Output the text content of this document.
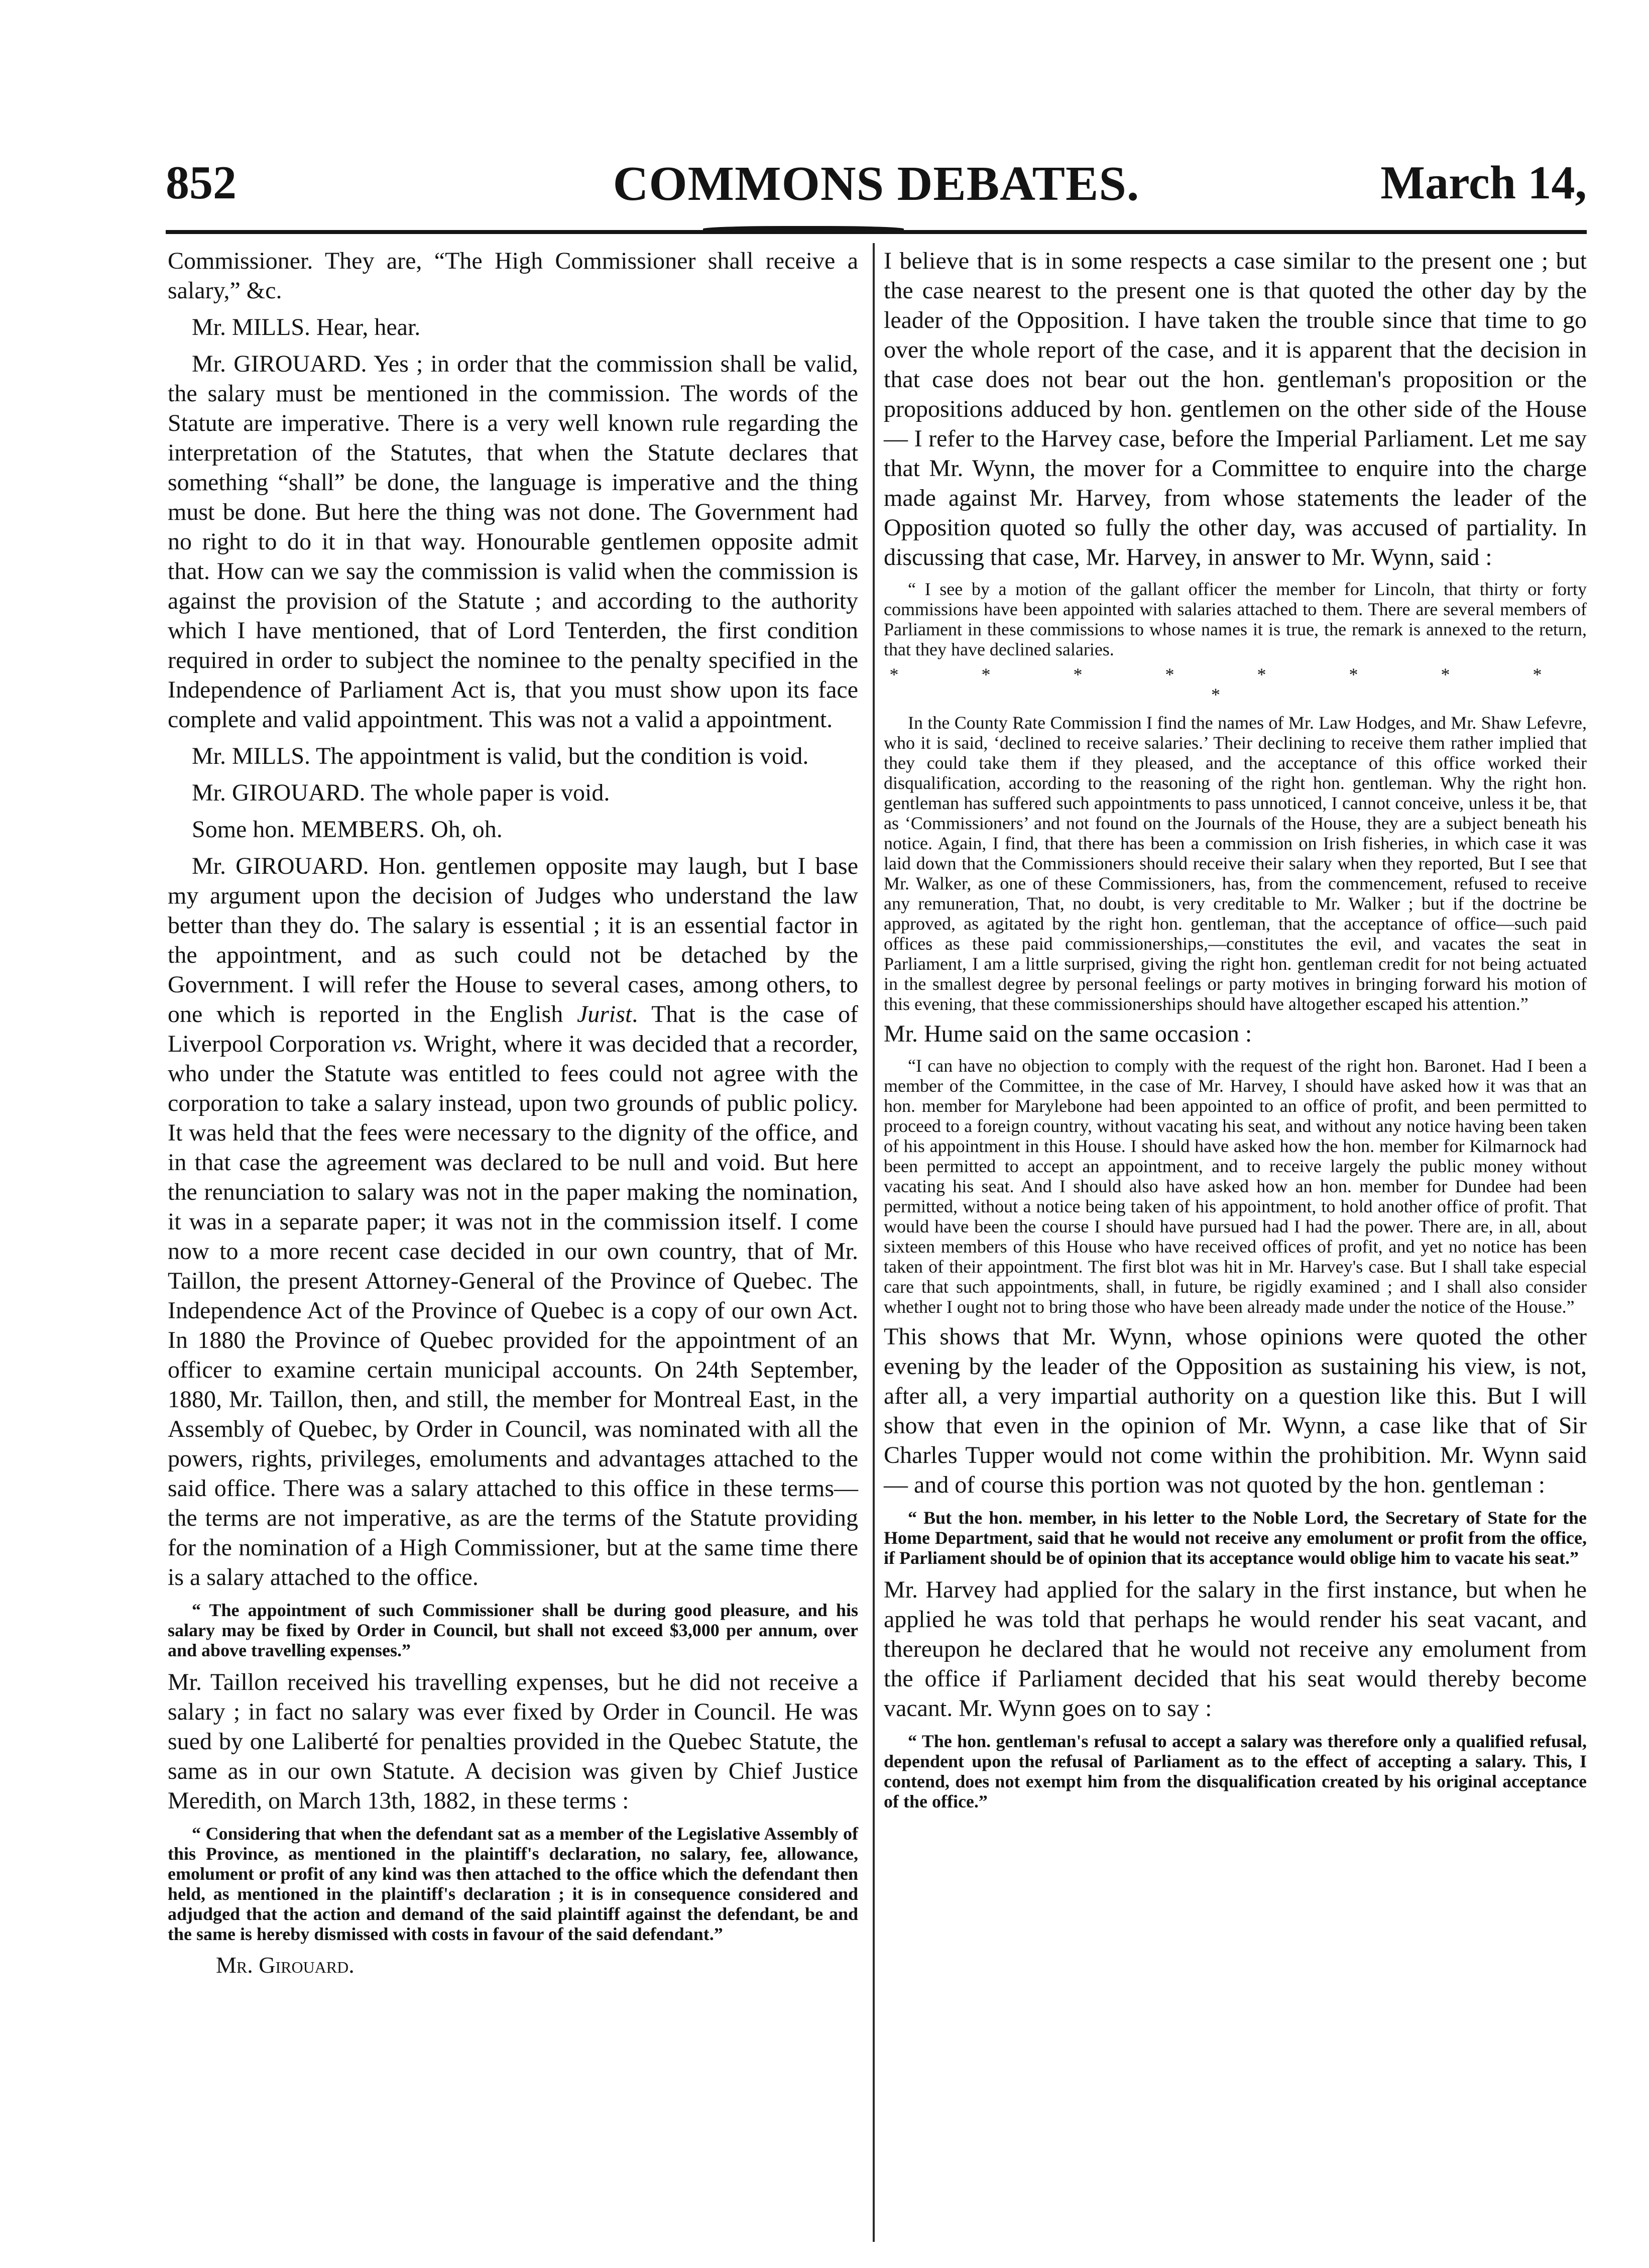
852	COMMONS DEBATES.	March 14,

Commissioner. They are, “The High Commissioner shall receive a salary,” &c.

Mr. MILLS. Hear, hear.

Mr. GIROUARD. Yes ; in order that the commission shall be valid, the salary must be mentioned in the commission. The words of the Statute are imperative. There is a very well known rule regarding the interpretation of the Statutes, that when the Statute declares that something “shall” be done, the language is imperative and the thing must be done. But here the thing was not done. The Government had no right to do it in that way. Honourable gentlemen opposite admit that. How can we say the commission is valid when the commission is against the provision of the Statute ; and according to the authority which I have mentioned, that of Lord Tenterden, the first condition required in order to subject the nominee to the penalty specified in the Independence of Parliament Act is, that you must show upon its face complete and valid appointment. This was not a valid a appointment.

Mr. MILLS. The appointment is valid, but the condition is void.

Mr. GIROUARD. The whole paper is void.

Some hon. MEMBERS. Oh, oh.

Mr. GIROUARD. Hon. gentlemen opposite may laugh, but I base my argument upon the decision of Judges who understand the law better than they do. The salary is essential ; it is an essential factor in the appointment, and as such could not be detached by the Government. I will refer the House to several cases, among others, to one which is reported in the English Jurist. That is the case of Liverpool Corporation vs. Wright, where it was decided that a recorder, who under the Statute was entitled to fees could not agree with the corporation to take a salary instead, upon two grounds of public policy. It was held that the fees were necessary to the dignity of the office, and in that case the agreement was declared to be null and void. But here the renunciation to salary was not in the paper making the nomination, it was in a separate paper; it was not in the commission itself. I come now to a more recent case decided in our own country, that of Mr. Taillon, the present Attorney-General of the Province of Quebec. The Independence Act of the Province of Quebec is a copy of our own Act. In 1880 the Province of Quebec provided for the appointment of an officer to examine certain municipal accounts. On 24th September, 1880, Mr. Taillon, then, and still, the member for Montreal East, in the Assembly of Quebec, by Order in Council, was nominated with all the powers, rights, privileges, emoluments and advantages attached to the said office. There was a salary attached to this office in these terms—the terms are not imperative, as are the terms of the Statute providing for the nomination of a High Commissioner, but at the same time there is a salary attached to the office.

“ The appointment of such Commissioner shall be during good pleasure, and his salary may be fixed by Order in Council, but shall not exceed $3,000 per annum, over and above travelling expenses.”

Mr. Taillon received his travelling expenses, but he did not receive a salary ; in fact no salary was ever fixed by Order in Council. He was sued by one Laliberté for penalties provided in the Quebec Statute, the same as in our own Statute. A decision was given by Chief Justice Meredith, on March 13th, 1882, in these terms :

“ Considering that when the defendant sat as a member of the Legislative Assembly of this Province, as mentioned in the plaintiff's declaration, no salary, fee, allowance, emolument or profit of any kind was then attached to the office which the defendant then held, as mentioned in the plaintiff's declaration ; it is in consequence considered and adjudged that the action and demand of the said plaintiff against the defendant, be and the same is hereby dismissed with costs in favour of the said defendant.”

Mr. Girouard.

I believe that is in some respects a case similar to the present one ; but the case nearest to the present one is that quoted the other day by the leader of the Opposition. I have taken the trouble since that time to go over the whole report of the case, and it is apparent that the decision in that case does not bear out the hon. gentleman's proposition or the propositions adduced by hon. gentlemen on the other side of the House— I refer to the Harvey case, before the Imperial Parliament. Let me say that Mr. Wynn, the mover for a Committee to enquire into the charge made against Mr. Harvey, from whose statements the leader of the Opposition quoted so fully the other day, was accused of partiality. In discussing that case, Mr. Harvey, in answer to Mr. Wynn, said :

“ I see by a motion of the gallant officer the member for Lincoln, that thirty or forty commissions have been appointed with salaries attached to them. There are several members of Parliament in these commissions to whose names it is true, the remark is annexed to the return, that they have declined salaries.

* * * * * * * * *

In the County Rate Commission I find the names of Mr. Law Hodges, and Mr. Shaw Lefevre, who it is said, ‘declined to receive salaries.’ Their declining to receive them rather implied that they could take them if they pleased, and the acceptance of this office worked their disqualification, according to the reasoning of the right hon. gentleman. Why the right hon. gentleman has suffered such appointments to pass unnoticed, I cannot conceive, unless it be, that as ‘Commissioners’ and not found on the Journals of the House, they are a subject beneath his notice. Again, I find, that there has been a commission on Irish fisheries, in which case it was laid down that the Commissioners should receive their salary when they reported, But I see that Mr. Walker, as one of these Commissioners, has, from the commencement, refused to receive any remuneration, That, no doubt, is very creditable to Mr. Walker ; but if the doctrine be approved, as agitated by the right hon. gentleman, that the acceptance of office—such paid offices as these paid commissionerships,—constitutes the evil, and vacates the seat in Parliament, I am a little surprised, giving the right hon. gentleman credit for not being actuated in the smallest degree by personal feelings or party motives in bringing forward his motion of this evening, that these commissionerships should have altogether escaped his attention.”

Mr. Hume said on the same occasion :

“I can have no objection to comply with the request of the right hon. Baronet. Had I been a member of the Committee, in the case of Mr. Harvey, I should have asked how it was that an hon. member for Marylebone had been appointed to an office of profit, and been permitted to proceed to a foreign country, without vacating his seat, and without any notice having been taken of his appointment in this House. I should have asked how the hon. member for Kilmarnock had been permitted to accept an appointment, and to receive largely the public money without vacating his seat. And I should also have asked how an hon. member for Dundee had been permitted, without a notice being taken of his appointment, to hold another office of profit. That would have been the course I should have pursued had I had the power. There are, in all, about sixteen members of this House who have received offices of profit, and yet no notice has been taken of their appointment. The first blot was hit in Mr. Harvey's case. But I shall take especial care that such appointments, shall, in future, be rigidly examined ; and I shall also consider whether I ought not to bring those who have been already made under the notice of the House.”

This shows that Mr. Wynn, whose opinions were quoted the other evening by the leader of the Opposition as sustaining his view, is not, after all, a very impartial authority on a question like this. But I will show that even in the opinion of Mr. Wynn, a case like that of Sir Charles Tupper would not come within the prohibition. Mr. Wynn said— and of course this portion was not quoted by the hon. gentleman :

“ But the hon. member, in his letter to the Noble Lord, the Secretary of State for the Home Department, said that he would not receive any emolument or profit from the office, if Parliament should be of opinion that its acceptance would oblige him to vacate his seat.”

Mr. Harvey had applied for the salary in the first instance, but when he applied he was told that perhaps he would render his seat vacant, and thereupon he declared that he would not receive any emolument from the office if Parliament decided that his seat would thereby become vacant. Mr. Wynn goes on to say :

“ The hon. gentleman's refusal to accept a salary was therefore only a qualified refusal, dependent upon the refusal of Parliament as to the effect of accepting a salary. This, I contend, does not exempt him from the disqualification created by his original acceptance of the office.”
